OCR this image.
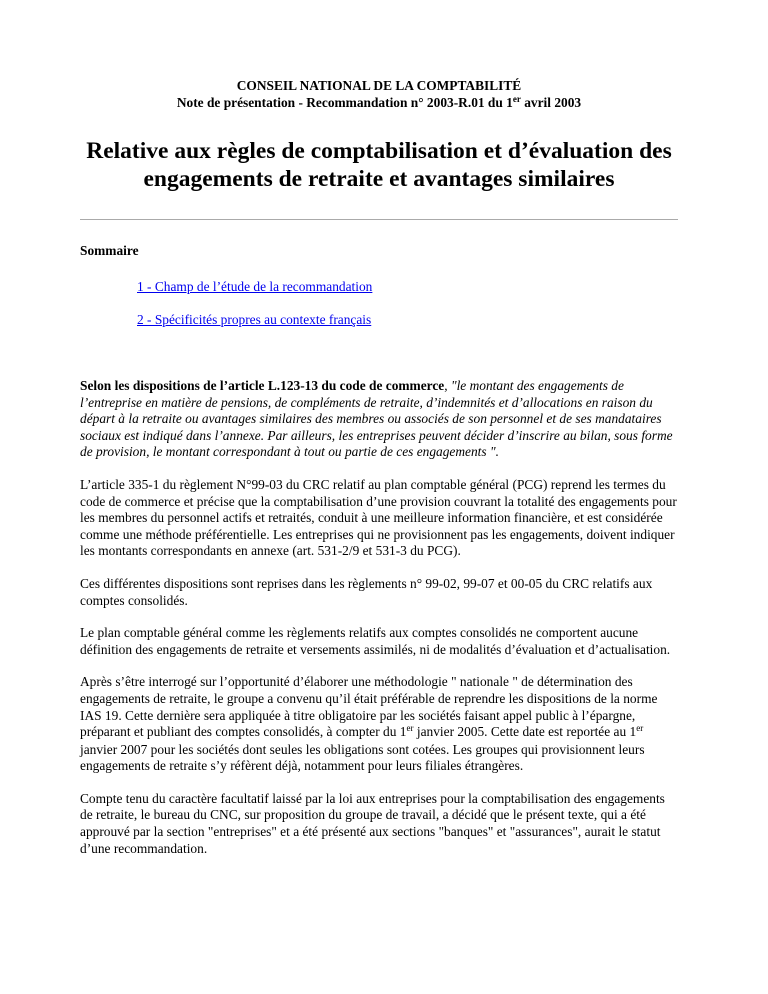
CONSEIL NATIONAL DE LA COMPTABILITÉ
Note de présentation - Recommandation n° 2003-R.01 du 1er avril 2003
Relative aux règles de comptabilisation et d’évaluation des
engagements de retraite et avantages similaires
Sommaire
1 - Champ de l’étude de la recommandation
2 - Spécificités propres au contexte français

Selon les dispositions de l’article L.123-13 du code de commerce, "le montant des engagements de l’entreprise en matière de pensions, de compléments de retraite, d’indemnités et d’allocations en raison du départ à la retraite ou avantages similaires des membres ou associés de son personnel et de ses mandataires sociaux est indiqué dans l’annexe. Par ailleurs, les entreprises peuvent décider d’inscrire au bilan, sous forme de provision, le montant correspondant à tout ou partie de ces engagements ".

L’article 335-1 du règlement N°99-03 du CRC relatif au plan comptable général (PCG) reprend les termes du code de commerce et précise que la comptabilisation d’une provision couvrant la totalité des engagements pour les membres du personnel actifs et retraités, conduit à une meilleure information financière, et est considérée comme une méthode préférentielle. Les entreprises qui ne provisionnent pas les engagements, doivent indiquer les montants correspondants en annexe (art. 531-2/9 et 531-3 du PCG).

Ces différentes dispositions sont reprises dans les règlements n° 99-02, 99-07 et 00-05 du CRC relatifs aux comptes consolidés.

Le plan comptable général comme les règlements relatifs aux comptes consolidés ne comportent aucune définition des engagements de retraite et versements assimilés, ni de modalités d’évaluation et d’actualisation.

Après s’être interrogé sur l’opportunité d’élaborer une méthodologie " nationale " de détermination des engagements de retraite, le groupe a convenu qu’il était préférable de reprendre les dispositions de la norme IAS 19. Cette dernière sera appliquée à titre obligatoire par les sociétés faisant appel public à l’épargne, préparant et publiant des comptes consolidés, à compter du 1er janvier 2005. Cette date est reportée au 1er janvier 2007 pour les sociétés dont seules les obligations sont cotées. Les groupes qui provisionnent leurs engagements de retraite s’y réfèrent déjà, notamment pour leurs filiales étrangères.

Compte tenu du caractère facultatif laissé par la loi aux entreprises pour la comptabilisation des engagements de retraite, le bureau du CNC, sur proposition du groupe de travail, a décidé que le présent texte, qui a été approuvé par la section "entreprises" et a été présenté aux sections "banques" et "assurances", aurait le statut d’une recommandation.
